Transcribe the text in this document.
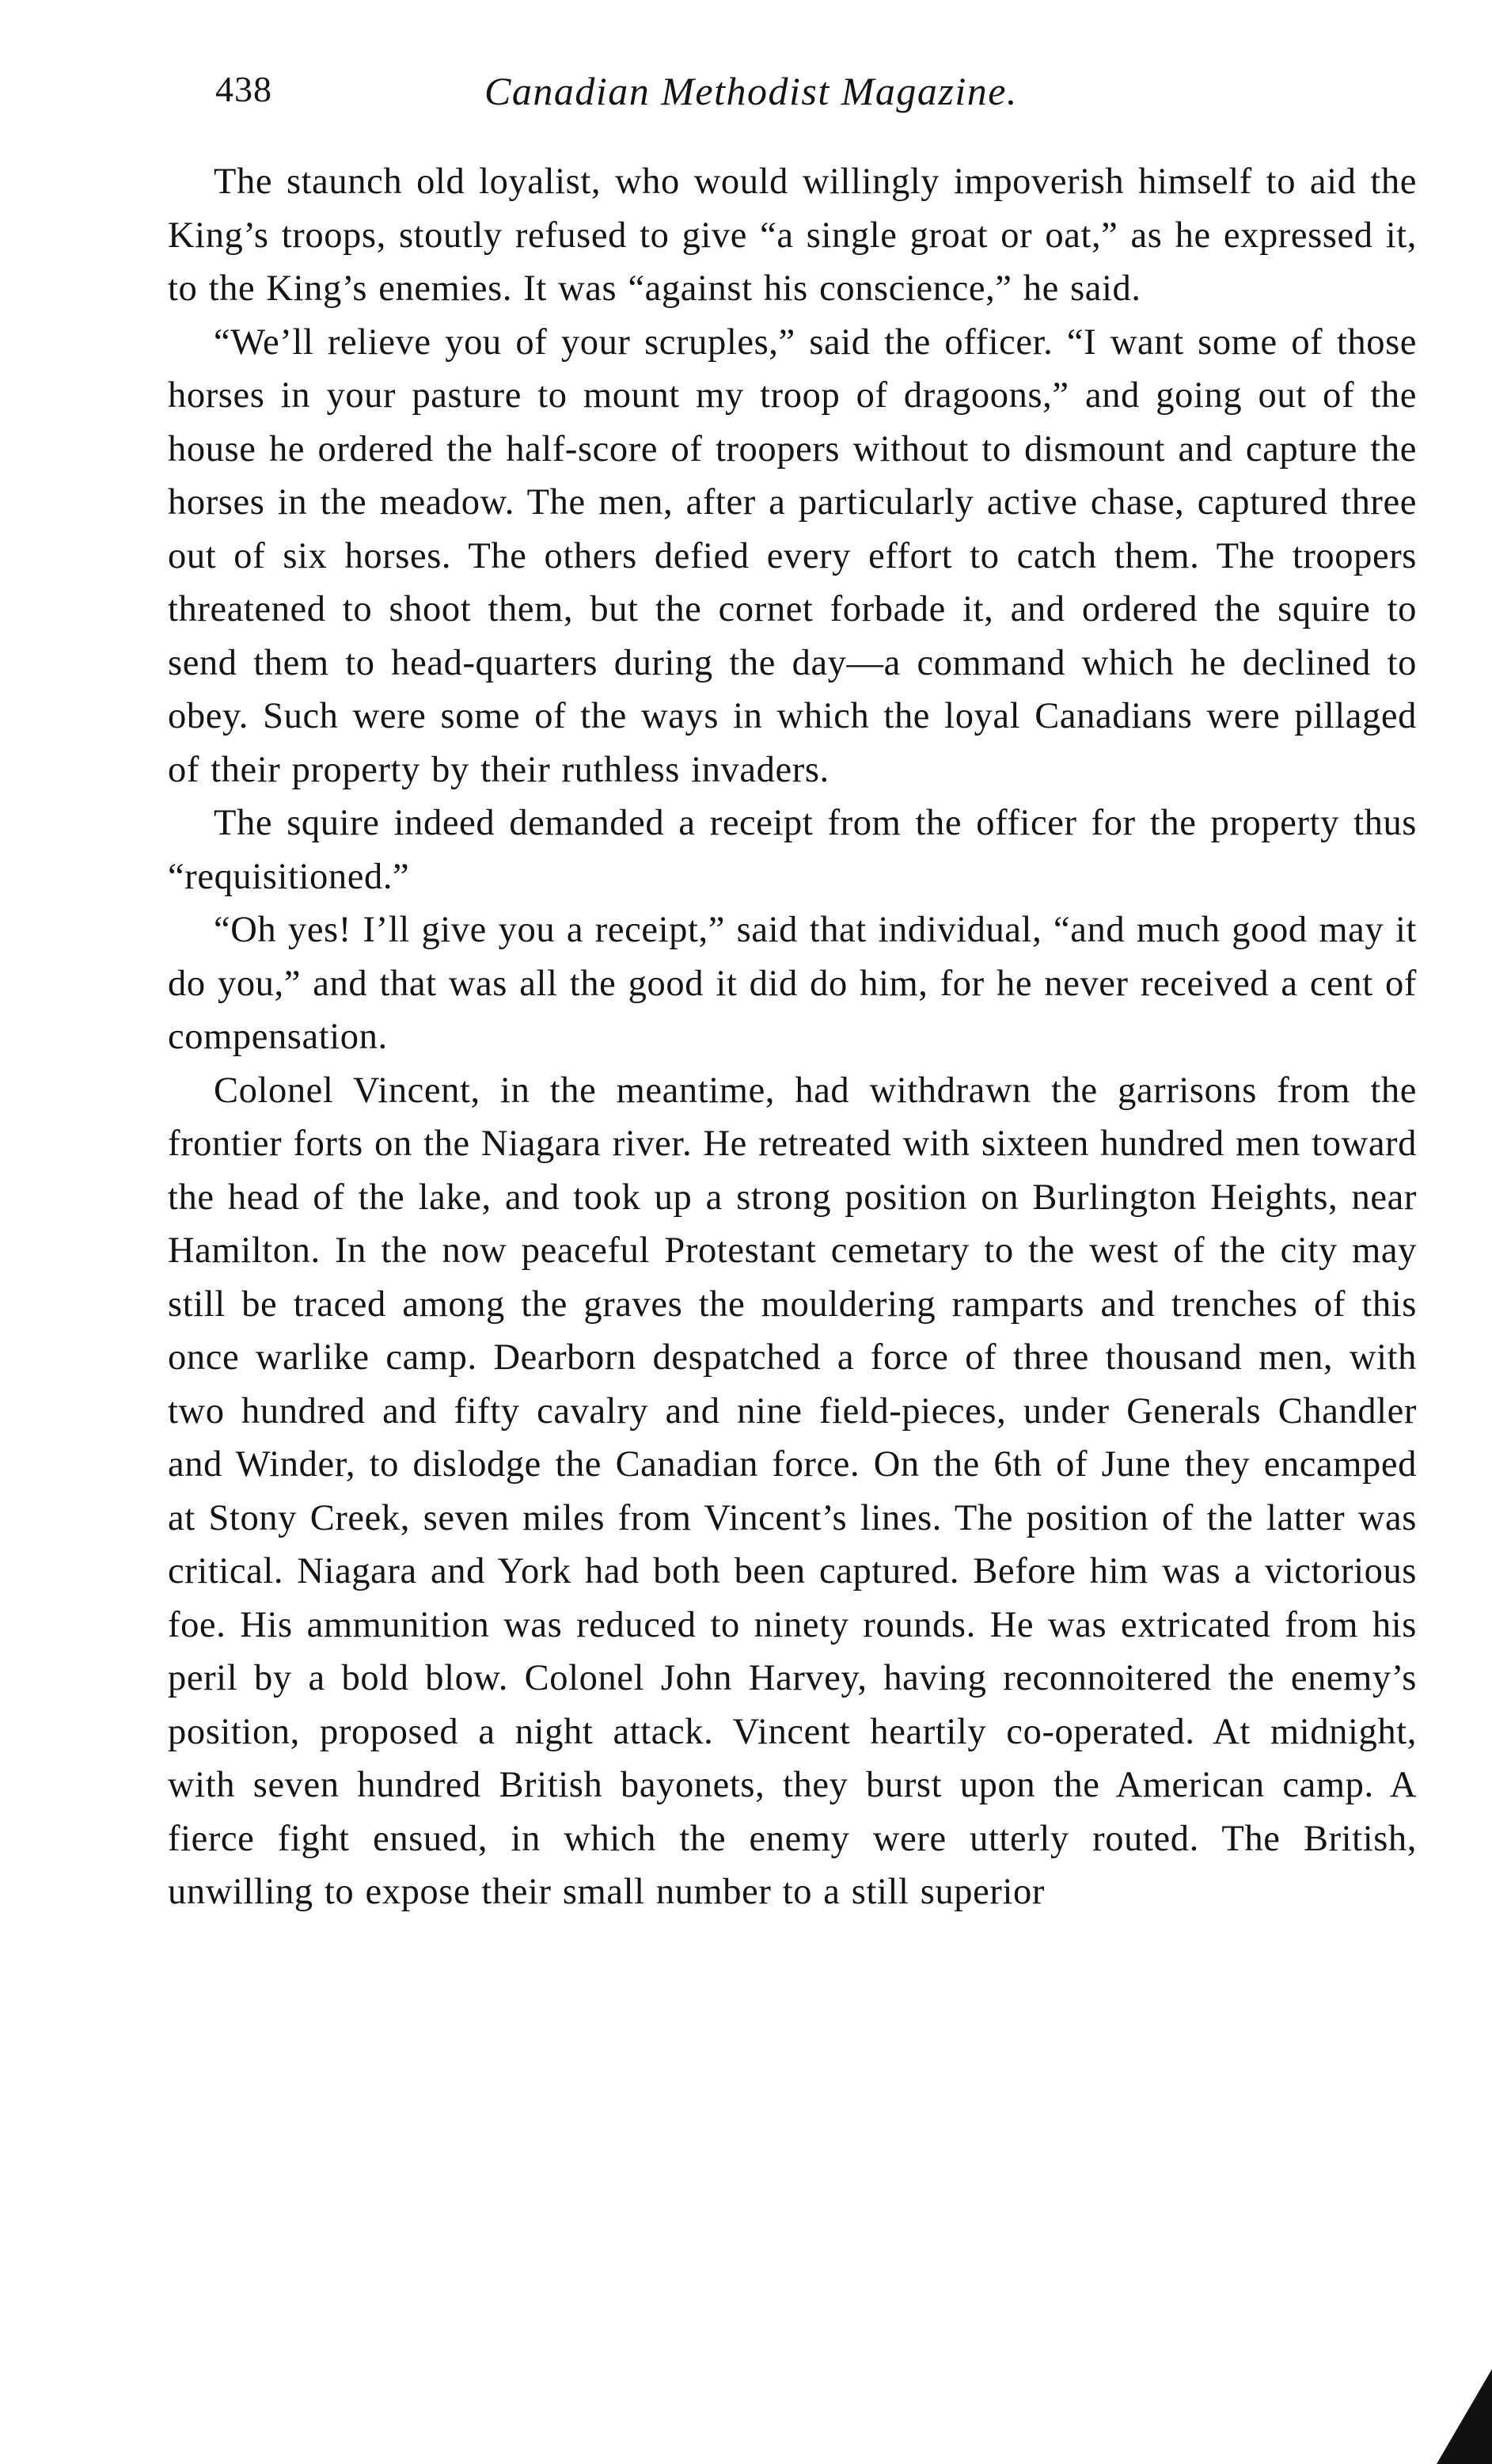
438	Canadian Methodist Magazine.

The staunch old loyalist, who would willingly impoverish himself to aid the King’s troops, stoutly refused to give “a single groat or oat,” as he expressed it, to the King’s enemies. It was “against his conscience,” he said.

“We’ll relieve you of your scruples,” said the officer. “I want some of those horses in your pasture to mount my troop of dragoons,” and going out of the house he ordered the half-score of troopers without to dismount and capture the horses in the meadow. The men, after a particularly active chase, captured three out of six horses. The others defied every effort to catch them. The troopers threatened to shoot them, but the cornet forbade it, and ordered the squire to send them to head-quarters during the day—a command which he declined to obey. Such were some of the ways in which the loyal Canadians were pillaged of their property by their ruthless invaders.

The squire indeed demanded a receipt from the officer for the property thus “requisitioned.”

“Oh yes! I’ll give you a receipt,” said that individual, “and much good may it do you,” and that was all the good it did do him, for he never received a cent of compensation.

Colonel Vincent, in the meantime, had withdrawn the garrisons from the frontier forts on the Niagara river. He retreated with sixteen hundred men toward the head of the lake, and took up a strong position on Burlington Heights, near Hamilton. In the now peaceful Protestant cemetary to the west of the city may still be traced among the graves the mouldering ramparts and trenches of this once warlike camp. Dearborn despatched a force of three thousand men, with two hundred and fifty cavalry and nine field-pieces, under Generals Chandler and Winder, to dislodge the Canadian force. On the 6th of June they encamped at Stony Creek, seven miles from Vincent’s lines. The position of the latter was critical. Niagara and York had both been captured. Before him was a victorious foe. His ammunition was reduced to ninety rounds. He was extricated from his peril by a bold blow. Colonel John Harvey, having reconnoitered the enemy’s position, proposed a night attack. Vincent heartily co-operated. At midnight, with seven hundred British bayonets, they burst upon the American camp. A fierce fight ensued, in which the enemy were utterly routed. The British, unwilling to expose their small number to a still superior
